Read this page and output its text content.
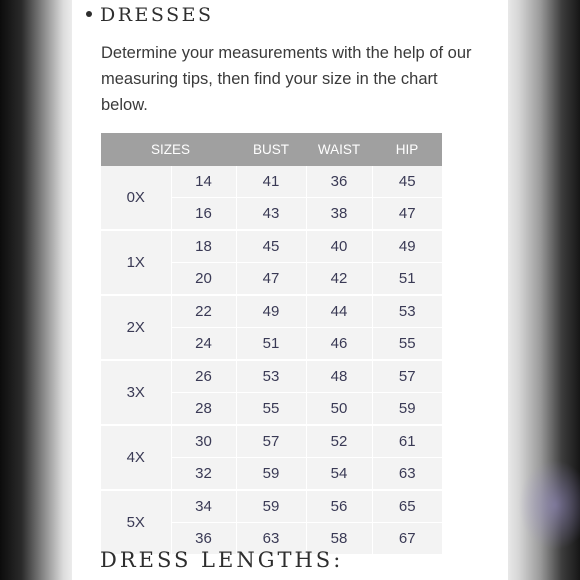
DRESSES
Determine your measurements with the help of our measuring tips, then find your size in the chart below.
SIZES		BUST	WAIST	HIP
0X	14	41	36	45
	16	43	38	47
1X	18	45	40	49
	20	47	42	51
2X	22	49	44	53
	24	51	46	55
3X	26	53	48	57
	28	55	50	59
4X	30	57	52	61
	32	59	54	63
5X	34	59	56	65
	36	63	58	67
DRESS LENGTHS:
